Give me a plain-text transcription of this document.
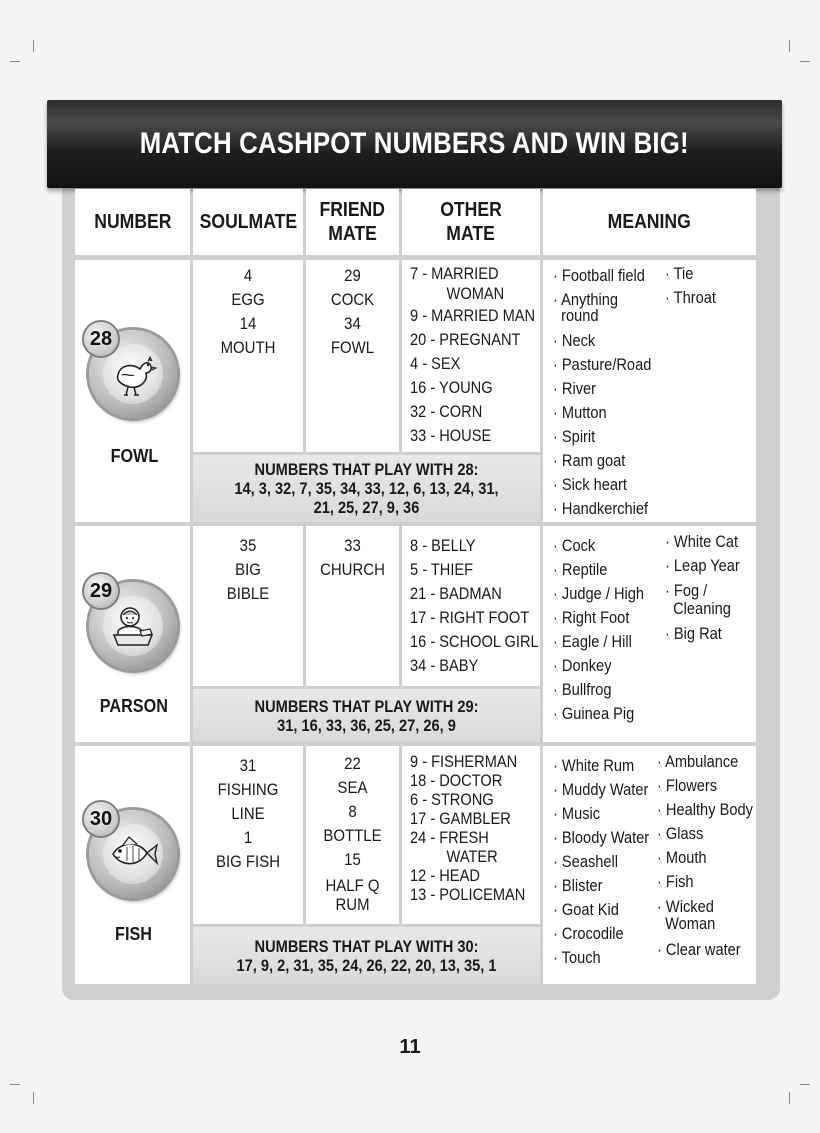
MATCH CASHPOT NUMBERS AND WIN BIG!
NUMBER SOULMATE
FRIEND
MATE
OTHER
MATE
MEANING
28
FOWL
4
EGG
14
MOUTH
29
COCK
34
FOWL
7 - MARRIED
WOMAN
9 - MARRIED MAN
20 - PREGNANT
4 - SEX
16 - YOUNG
32 - CORN
33 - HOUSE
NUMBERS THAT PLAY WITH 28:
14, 3, 32, 7, 35, 34, 33, 12, 6, 13, 24, 31,
21, 25, 27, 9, 36
· Football field
· Anything
round
· Neck
· Pasture/Road
· River
· Mutton
· Spirit
· Ram goat
· Sick heart
· Handkerchief
· Tie
· Throat
29
PARSON
35
BIG
BIBLE
33
CHURCH
8 - BELLY
5 - THIEF
21 - BADMAN
17 - RIGHT FOOT
16 - SCHOOL GIRL
34 - BABY
NUMBERS THAT PLAY WITH 29:
31, 16, 33, 36, 25, 27, 26, 9
· Cock
· Reptile
· Judge / High
· Right Foot
· Eagle / Hill
· Donkey
· Bullfrog
· Guinea Pig
· White Cat
· Leap Year
· Fog /
Cleaning
· Big Rat
30
FISH
31
FISHING
LINE
1
BIG FISH
22
SEA
8
BOTTLE
15
HALF Q
RUM
9 - FISHERMAN
18 - DOCTOR
6 - STRONG
17 - GAMBLER
24 - FRESH
WATER
12 - HEAD
13 - POLICEMAN
NUMBERS THAT PLAY WITH 30:
17, 9, 2, 31, 35, 24, 26, 22, 20, 13, 35, 1
· White Rum
· Muddy Water
· Music
· Bloody Water
· Seashell
· Blister
· Goat Kid
· Crocodile
· Touch
· Ambulance
· Flowers
· Healthy Body
· Glass
· Mouth
· Fish
· Wicked
Woman
· Clear water
11
